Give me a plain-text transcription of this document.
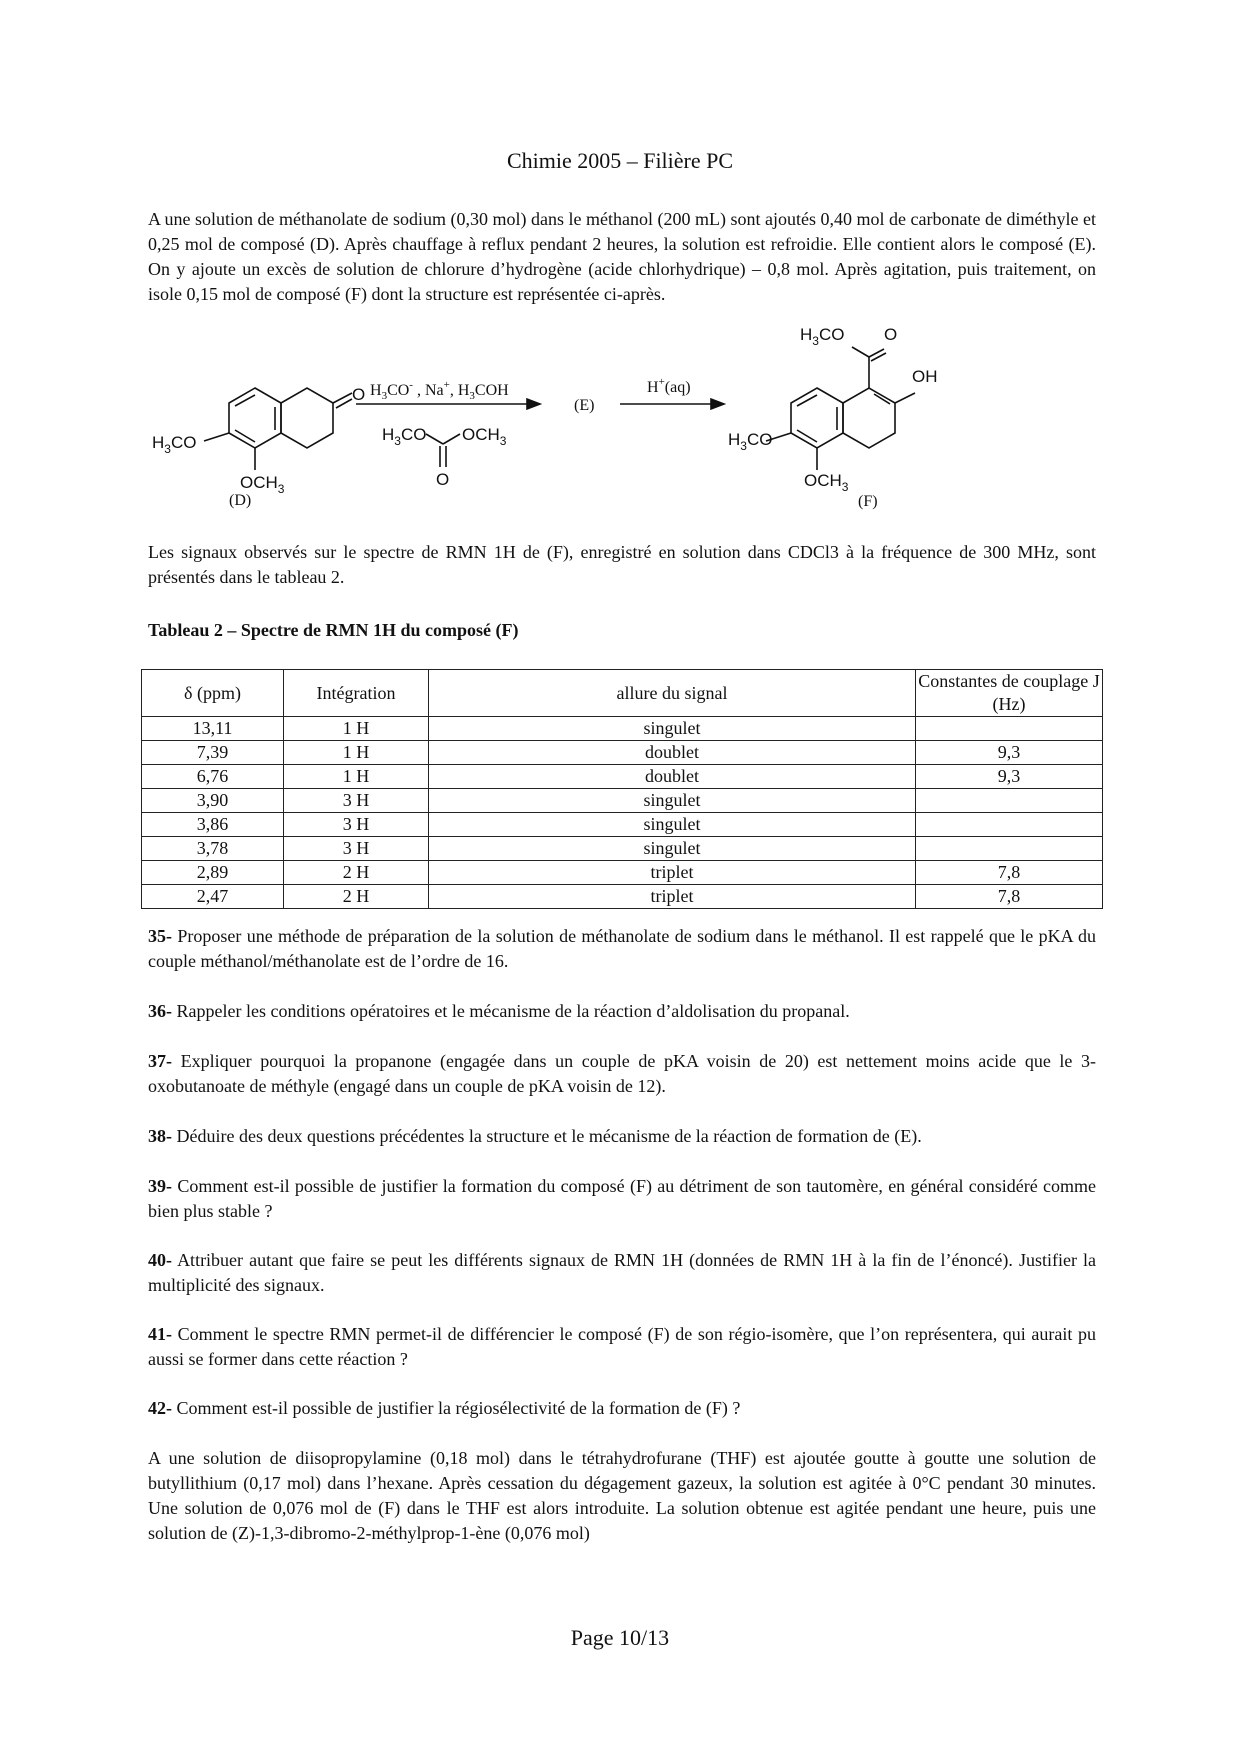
Chimie 2005 – Filière PC

A une solution de méthanolate de sodium (0,30 mol) dans le méthanol (200 mL) sont ajoutés 0,40 mol de carbonate de diméthyle et 0,25 mol de composé (D). Après chauffage à reflux pendant 2 heures, la solution est refroidie. Elle contient alors le composé (E). On y ajoute un excès de solution de chlorure d’hydrogène (acide chlorhydrique) – 0,8 mol. Après agitation, puis traitement, on isole 0,15 mol de composé (F) dont la structure est représentée ci-après.

O
$H_3CO$
$OCH_3$
(D)
$H_3CO^-$ , Na+, $H_3COH$
$H_3CO$ $OCH_3$
O
(E)
H+(aq)
$H_3CO$ O
OH
$H_3CO$
$OCH_3$
(F)

Les signaux observés sur le spectre de RMN 1H de (F), enregistré en solution dans CDCl3 à la fréquence de 300 MHz, sont présentés dans le tableau 2.

Tableau 2 – Spectre de RMN 1H du composé (F)
δ (ppm)	Intégration	allure du signal	Constantes de couplage J (Hz)
13,11	1 H	singulet	
7,39	1 H	doublet	9,3
6,76	1 H	doublet	9,3
3,90	3 H	singulet	
3,86	3 H	singulet	
3,78	3 H	singulet	
2,89	2 H	triplet	7,8
2,47	2 H	triplet	7,8

35- Proposer une méthode de préparation de la solution de méthanolate de sodium dans le méthanol. Il est rappelé que le pKA du couple méthanol/méthanolate est de l’ordre de 16.

36- Rappeler les conditions opératoires et le mécanisme de la réaction d’aldolisation du propanal.

37- Expliquer pourquoi la propanone (engagée dans un couple de pKA voisin de 20) est nettement moins acide que le 3-oxobutanoate de méthyle (engagé dans un couple de pKA voisin de 12).

38- Déduire des deux questions précédentes la structure et le mécanisme de la réaction de formation de (E).

39- Comment est-il possible de justifier la formation du composé (F) au détriment de son tautomère, en général considéré comme bien plus stable ?

40- Attribuer autant que faire se peut les différents signaux de RMN 1H (données de RMN 1H à la fin de l’énoncé). Justifier la multiplicité des signaux.

41- Comment le spectre RMN permet-il de différencier le composé (F) de son régio-isomère, que l’on représentera, qui aurait pu aussi se former dans cette réaction ?

42- Comment est-il possible de justifier la régiosélectivité de la formation de (F) ?

A une solution de diisopropylamine (0,18 mol) dans le tétrahydrofurane (THF) est ajoutée goutte à goutte une solution de butyllithium (0,17 mol) dans l’hexane. Après cessation du dégagement gazeux, la solution est agitée à 0°C pendant 30 minutes. Une solution de 0,076 mol de (F) dans le THF est alors introduite. La solution obtenue est agitée pendant une heure, puis une solution de (Z)-1,3-dibromo-2-méthylprop-1-ène (0,076 mol)

Page 10/13
